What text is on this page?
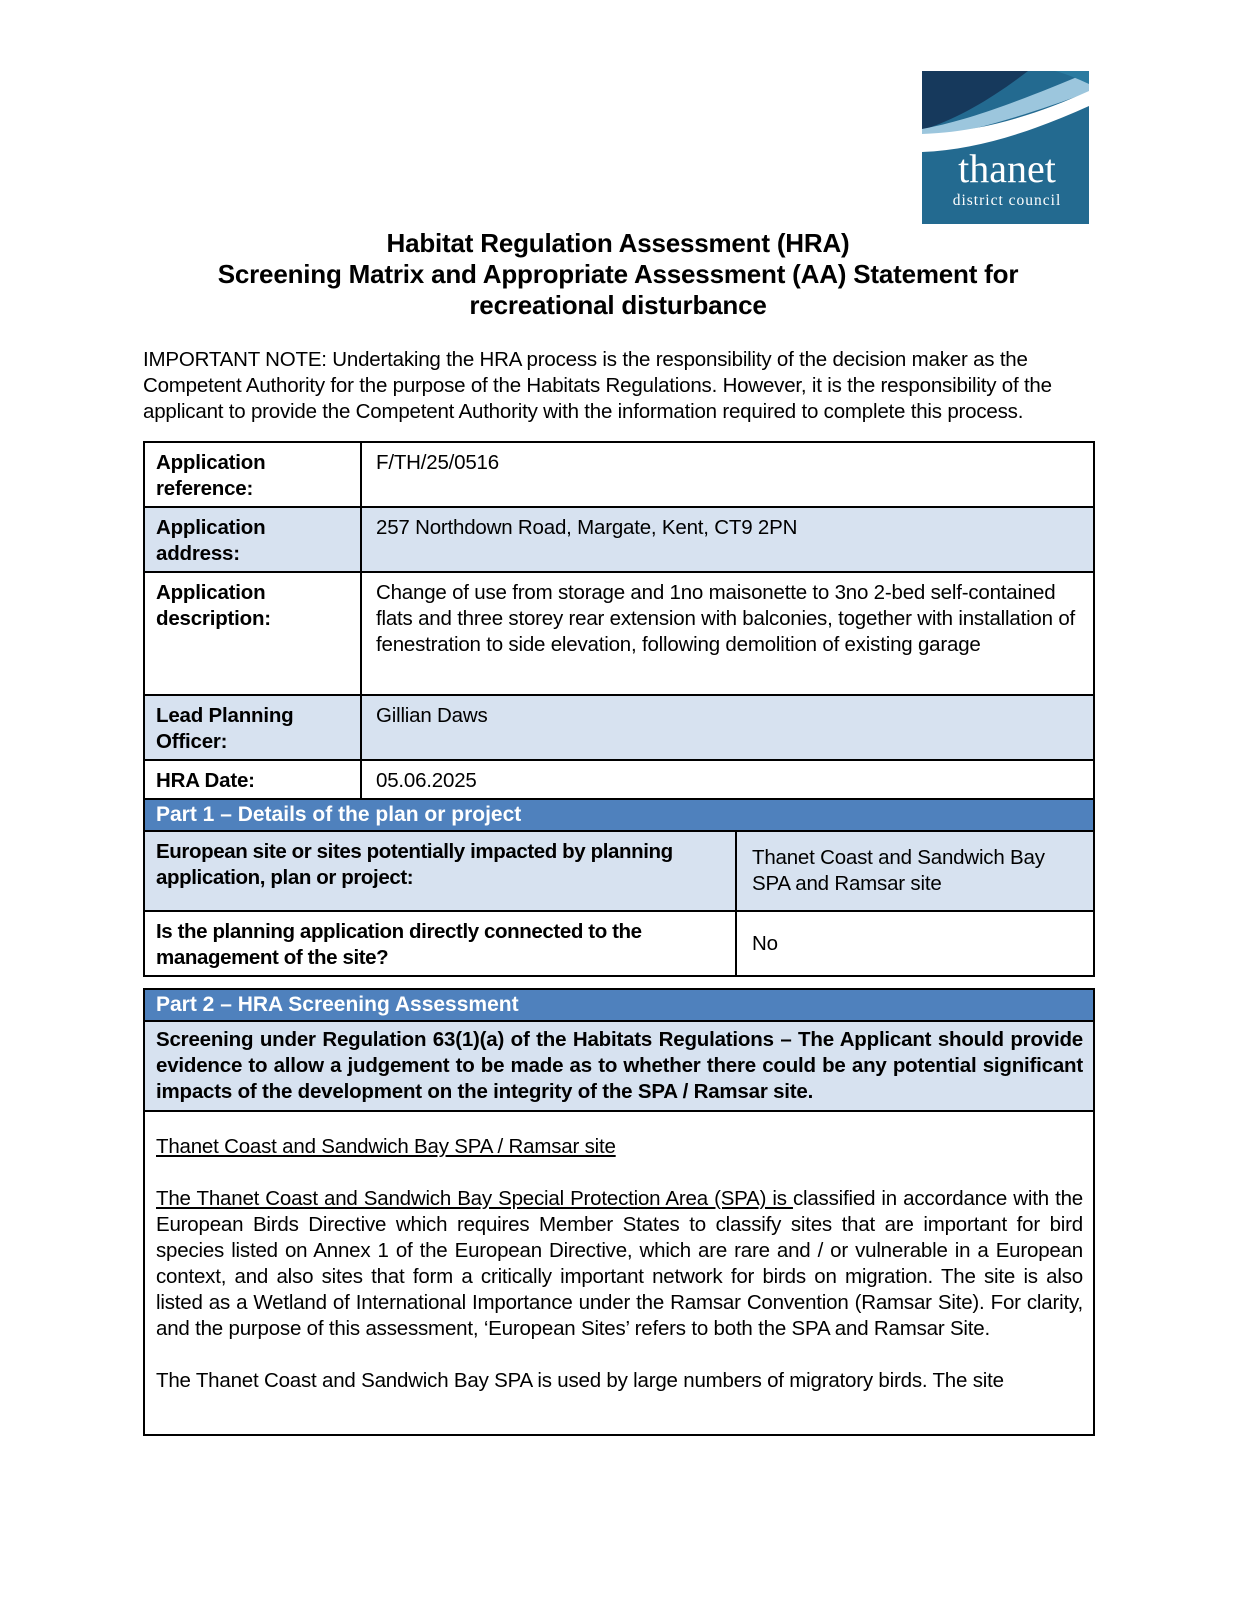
thanet
district council
Habitat Regulation Assessment (HRA)
Screening Matrix and Appropriate Assessment (AA) Statement for
recreational disturbance
IMPORTANT NOTE: Undertaking the HRA process is the responsibility of the decision maker as the Competent Authority for the purpose of the Habitats Regulations. However, it is the responsibility of the applicant to provide the Competent Authority with the information required to complete this process.
Application reference:	F/TH/25/0516
Application address:	257 Northdown Road, Margate, Kent, CT9 2PN
Application description:	Change of use from storage and 1no maisonette to 3no 2-bed self-contained flats and three storey rear extension with balconies, together with installation of fenestration to side elevation, following demolition of existing garage
Lead Planning Officer:	Gillian Daws
HRA Date:	05.06.2025
Part 1 – Details of the plan or project	
European site or sites potentially impacted by planning application, plan or project:	Thanet Coast and Sandwich Bay SPA and Ramsar site
Is the planning application directly connected to the management of the site?	No
Part 2 – HRA Screening Assessment
Screening under Regulation 63(1)(a) of the Habitats Regulations – The Applicant should provide evidence to allow a judgement to be made as to whether there could be any potential significant impacts of the development on the integrity of the SPA / Ramsar site.

Thanet Coast and Sandwich Bay SPA / Ramsar site

The Thanet Coast and Sandwich Bay Special Protection Area (SPA) is classified in accordance with the European Birds Directive which requires Member States to classify sites that are important for bird species listed on Annex 1 of the European Directive, which are rare and / or vulnerable in a European context, and also sites that form a critically important network for birds on migration. The site is also listed as a Wetland of International Importance under the Ramsar Convention (Ramsar Site). For clarity, and the purpose of this assessment, ‘European Sites’ refers to both the SPA and Ramsar Site.

The Thanet Coast and Sandwich Bay SPA is used by large numbers of migratory birds. The site
